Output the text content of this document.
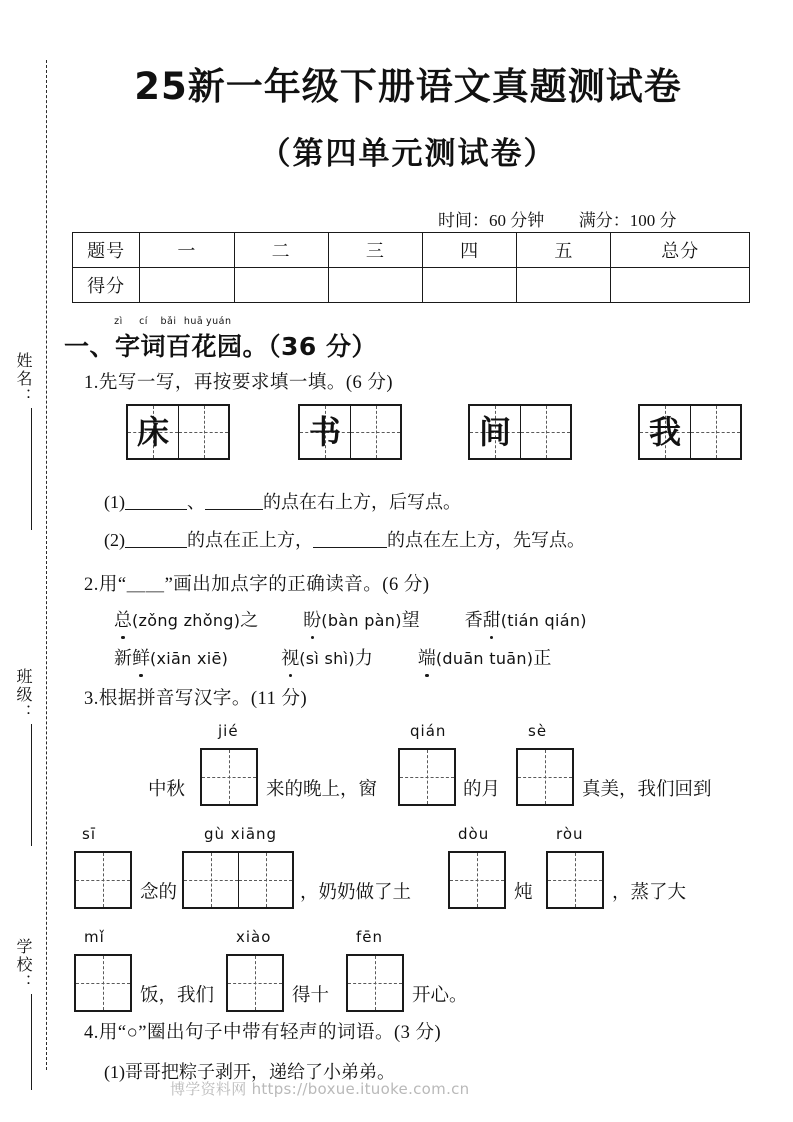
姓名：
班级：
学校：
25新一年级下册语文真题测试卷
（第四单元测试卷）
时间：60 分钟 满分：100 分
题号	一	二	三	四	五	总分
得分						
zì cí bǎi huā yuán
一、字词百花园。（36 分）
1.先写一写，再按要求填一填。(6 分)
床	书	间	我
(1)	、	的点在右上方，后写点。
(2)	的点在正上方，	的点在左上方，先写点。
2.用“＿＿”画出加点字的正确读音。(6 分)
总(zǒng zhǒng)之	盼(bàn pàn)望	香甜(tián qián)
新鲜(xiān xiē)	视(sì shì)力	端(duān tuān)正
3.根据拼音写汉字。(11 分)
jié	qián	sè
中秋	来的晚上，窗	的月	真美，我们回到
sī	gù xiāng	dòu	ròu
念的	，奶奶做了土	炖	，蒸了大
mǐ	xiào	fēn
饭，我们	得十	开心。
4.用“○”圈出句子中带有轻声的词语。(3 分)
(1)哥哥把粽子剥开，递给了小弟弟。
博学资料网 https://boxue.ituoke.com.cn
